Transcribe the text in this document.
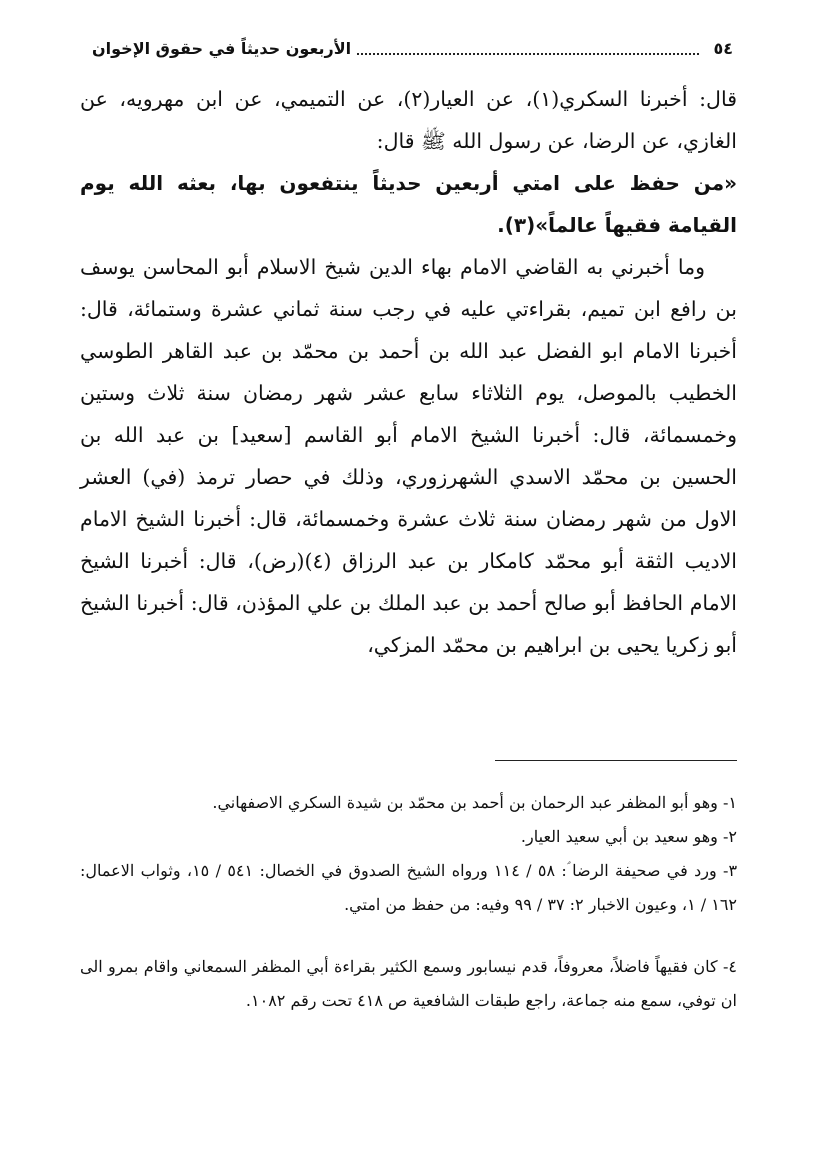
٥٤
الأربعون حديثاً في حقوق الإخوان

قال: أخبرنا السكري(١)، عن العيار(٢)، عن التميمي، عن ابن مهرويه، عن الغازي، عن الرضا، عن رسول الله ﷺ قال:

«من حفظ على امتي أربعين حديثاً ينتفعون بها، بعثه الله يوم القيامة فقيهاً عالماً»(٣).

وما أخبرني به القاضي الامام بهاء الدين شيخ الاسلام أبو المحاسن يوسف بن رافع ابن تميم، بقراءتي عليه في رجب سنة ثماني عشرة وستمائة، قال: أخبرنا الامام ابو الفضل عبد الله بن أحمد بن محمّد بن عبد القاهر الطوسي الخطيب بالموصل، يوم الثلاثاء سابع عشر شهر رمضان سنة ثلاث وستين وخمسمائة، قال: أخبرنا الشيخ الامام أبو القاسم [سعيد] بن عبد الله بن الحسين بن محمّد الاسدي الشهرزوري، وذلك في حصار ترمذ (في) العشر الاول من شهر رمضان سنة ثلاث عشرة وخمسمائة، قال: أخبرنا الشيخ الامام الاديب الثقة أبو محمّد كامكار بن عبد الرزاق (٤)(رض)، قال: أخبرنا الشيخ الامام الحافظ أبو صالح أحمد بن عبد الملك بن علي المؤذن، قال: أخبرنا الشيخ أبو زكريا يحيى بن ابراهيم بن محمّد المزكي،

١- وهو أبو المظفر عبد الرحمان بن أحمد بن محمّد بن شيدة السكري الاصفهاني.

٢- وهو سعيد بن أبي سعيد العيار.

٣- ورد في صحيفة الرضا ؑ: ٥٨ / ١١٤ ورواه الشيخ الصدوق في الخصال: ٥٤١ / ١٥، وثواب الاعمال: ١٦٢ / ١، وعيون الاخبار ٢: ٣٧ / ٩٩ وفيه: من حفظ من امتي.

٤- كان فقيهاً فاضلاً، معروفاً، قدم نيسابور وسمع الكثير بقراءة أبي المظفر السمعاني واقام بمرو الى ان توفي، سمع منه جماعة، راجع طبقات الشافعية ص ٤١٨ تحت رقم ١٠٨٢.
